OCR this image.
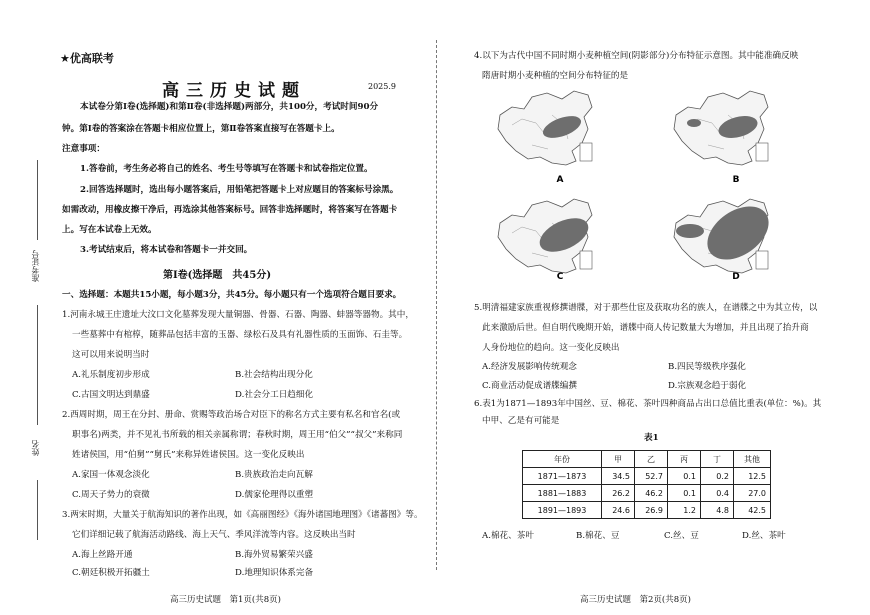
★优高联考
高三历史试题	2025.9
准考证号
姓名
本试卷分第Ⅰ卷(选择题)和第Ⅱ卷(非选择题)两部分，共100分，考试时间90分
钟。第Ⅰ卷的答案涂在答题卡相应位置上，第Ⅱ卷答案直接写在答题卡上。
注意事项：
1.答卷前，考生务必将自己的姓名、考生号等填写在答题卡和试卷指定位置。
2.回答选择题时，选出每小题答案后，用铅笔把答题卡上对应题目的答案标号涂黑。
如需改动，用橡皮擦干净后，再选涂其他答案标号。回答非选择题时，将答案写在答题卡
上。写在本试卷上无效。
3.考试结束后，将本试卷和答题卡一并交回。
第Ⅰ卷(选择题　共45分)
一、选择题：本题共15小题，每小题3分，共45分。每小题只有一个选项符合题目要求。
1.河南永城王庄遗址大汶口文化墓葬发现大量铜器、骨器、石器、陶器、蚌器等器物。其中，
一些墓葬中有棺椁，随葬品包括丰富的玉器、绿松石及具有礼器性质的玉面饰、石圭等。
这可以用来说明当时
A.礼乐制度初步形成	B.社会结构出现分化
C.古国文明达到鼎盛	D.社会分工日趋细化
2.西周时期，周王在分封、册命、赏赐等政治场合对臣下的称名方式主要有私名和官名(或
职事名)两类，并不见礼书所载的相关亲属称谓；春秋时期，周王用“伯父”“叔父”来称同
姓诸侯国，用“伯舅”“舅氏”来称异姓诸侯国。这一变化反映出
A.家国一体观念淡化	B.贵族政治走向瓦解
C.周天子势力的衰微	D.儒家伦理得以重塑
3.两宋时期，大量关于航海知识的著作出现，如《高丽图经》《海外诸国地理图》《诸蕃图》等。
它们详细记载了航海活动路线、海上天气、季风洋流等内容。这反映出当时
A.海上丝路开通	B.海外贸易繁荣兴盛
C.朝廷积极开拓疆土	D.地理知识体系完备
高三历史试题　第1页(共8页)
4.以下为古代中国不同时期小麦种植空间(阴影部分)分布特征示意图。其中能准确反映
隋唐时期小麦种植的空间分布特征的是
A	B
C	D
5.明清福建家族重视修撰谱牒，对于那些仕宦及获取功名的族人，在谱牒之中为其立传，以
此来激励后世。但自明代晚期开始，谱牒中商人传记数量大为增加，并且出现了抬升商
人身份地位的趋向。这一变化反映出
A.经济发展影响传统观念	B.四民等级秩序强化
C.商业活动促成谱牒编撰	D.宗族观念趋于弱化
6.表1为1871—1893年中国丝、豆、棉花、茶叶四种商品占出口总值比重表(单位：%)。其
中甲、乙是有可能是
表1
年份	甲	乙	丙	丁	其他
1871—1873	34.5	52.7	0.1	0.2	12.5
1881—1883	26.2	46.2	0.1	0.4	27.0
1891—1893	24.6	26.9	1.2	4.8	42.5
A.棉花、茶叶	B.棉花、豆	C.丝、豆	D.丝、茶叶
高三历史试题　第2页(共8页)
